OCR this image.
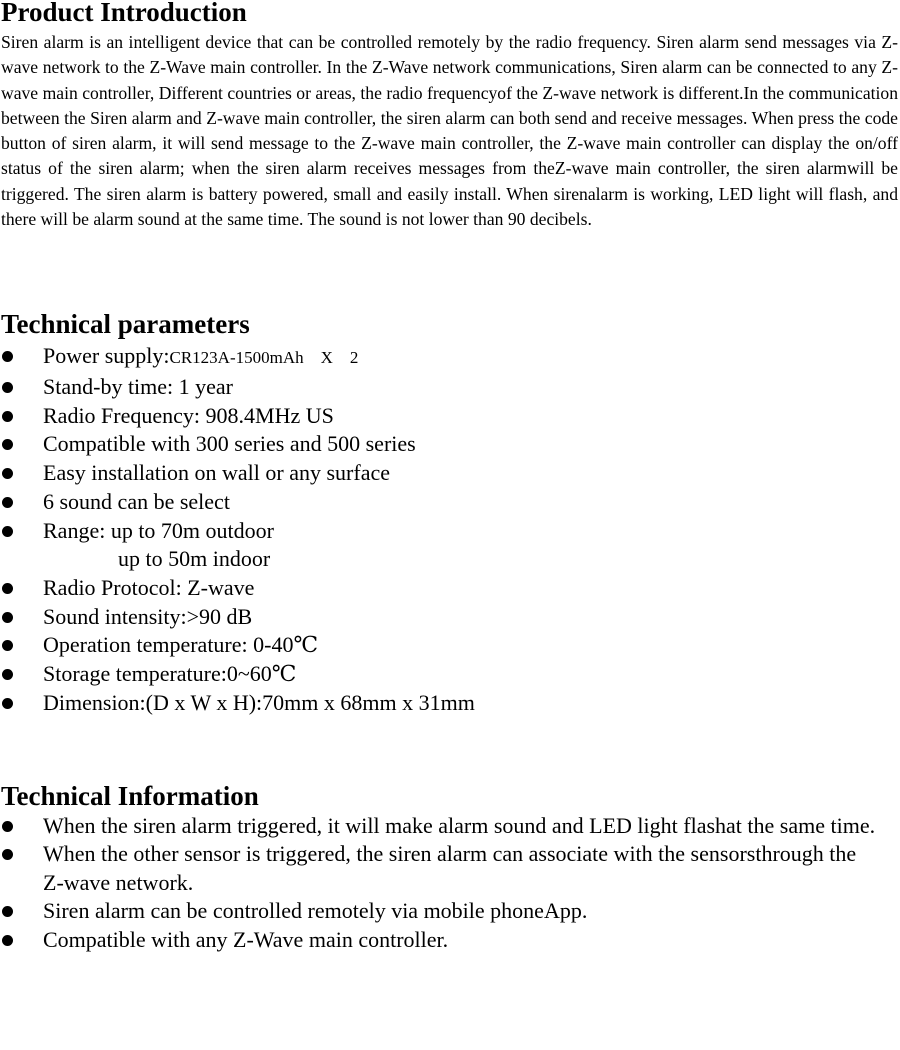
Product Introduction

Siren alarm is an intelligent device that can be controlled remotely by the radio frequency. Siren alarm send messages via Z-wave network to the Z-Wave main controller. In the Z-Wave network communications, Siren alarm can be connected to any Z-wave main controller, Different countries or areas, the radio frequencyof the Z-wave network is different.In the communication between the Siren alarm and Z-wave main controller, the siren alarm can both send and receive messages. When press the code button of siren alarm, it will send message to the Z-wave main controller, the Z-wave main controller can display the on/off status of the siren alarm; when the siren alarm receives messages from theZ-wave main controller, the siren alarmwill be triggered. The siren alarm is battery powered, small and easily install. When sirenalarm is working, LED light will flash, and there will be alarm sound at the same time. The sound is not lower than 90 decibels.

Technical parameters
Power supply:CR123A-1500mAh    X    2
Stand-by time: 1 year
Radio Frequency: 908.4MHz US
Compatible with 300 series and 500 series
Easy installation on wall or any surface
6 sound can be select
Range: up to 70m outdoor
up to 50m indoor
Radio Protocol: Z-wave
Sound intensity:>90 dB
Operation temperature: 0-40℃
Storage temperature:0~60℃
Dimension:(D x W x H):70mm x 68mm x 31mm
Technical Information
When the siren alarm triggered, it will make alarm sound and LED light flashat the same time.
When the other sensor is triggered, the siren alarm can associate with the sensorsthrough the Z-wave network.
Siren alarm can be controlled remotely via mobile phoneApp.
Compatible with any Z-Wave main controller.
